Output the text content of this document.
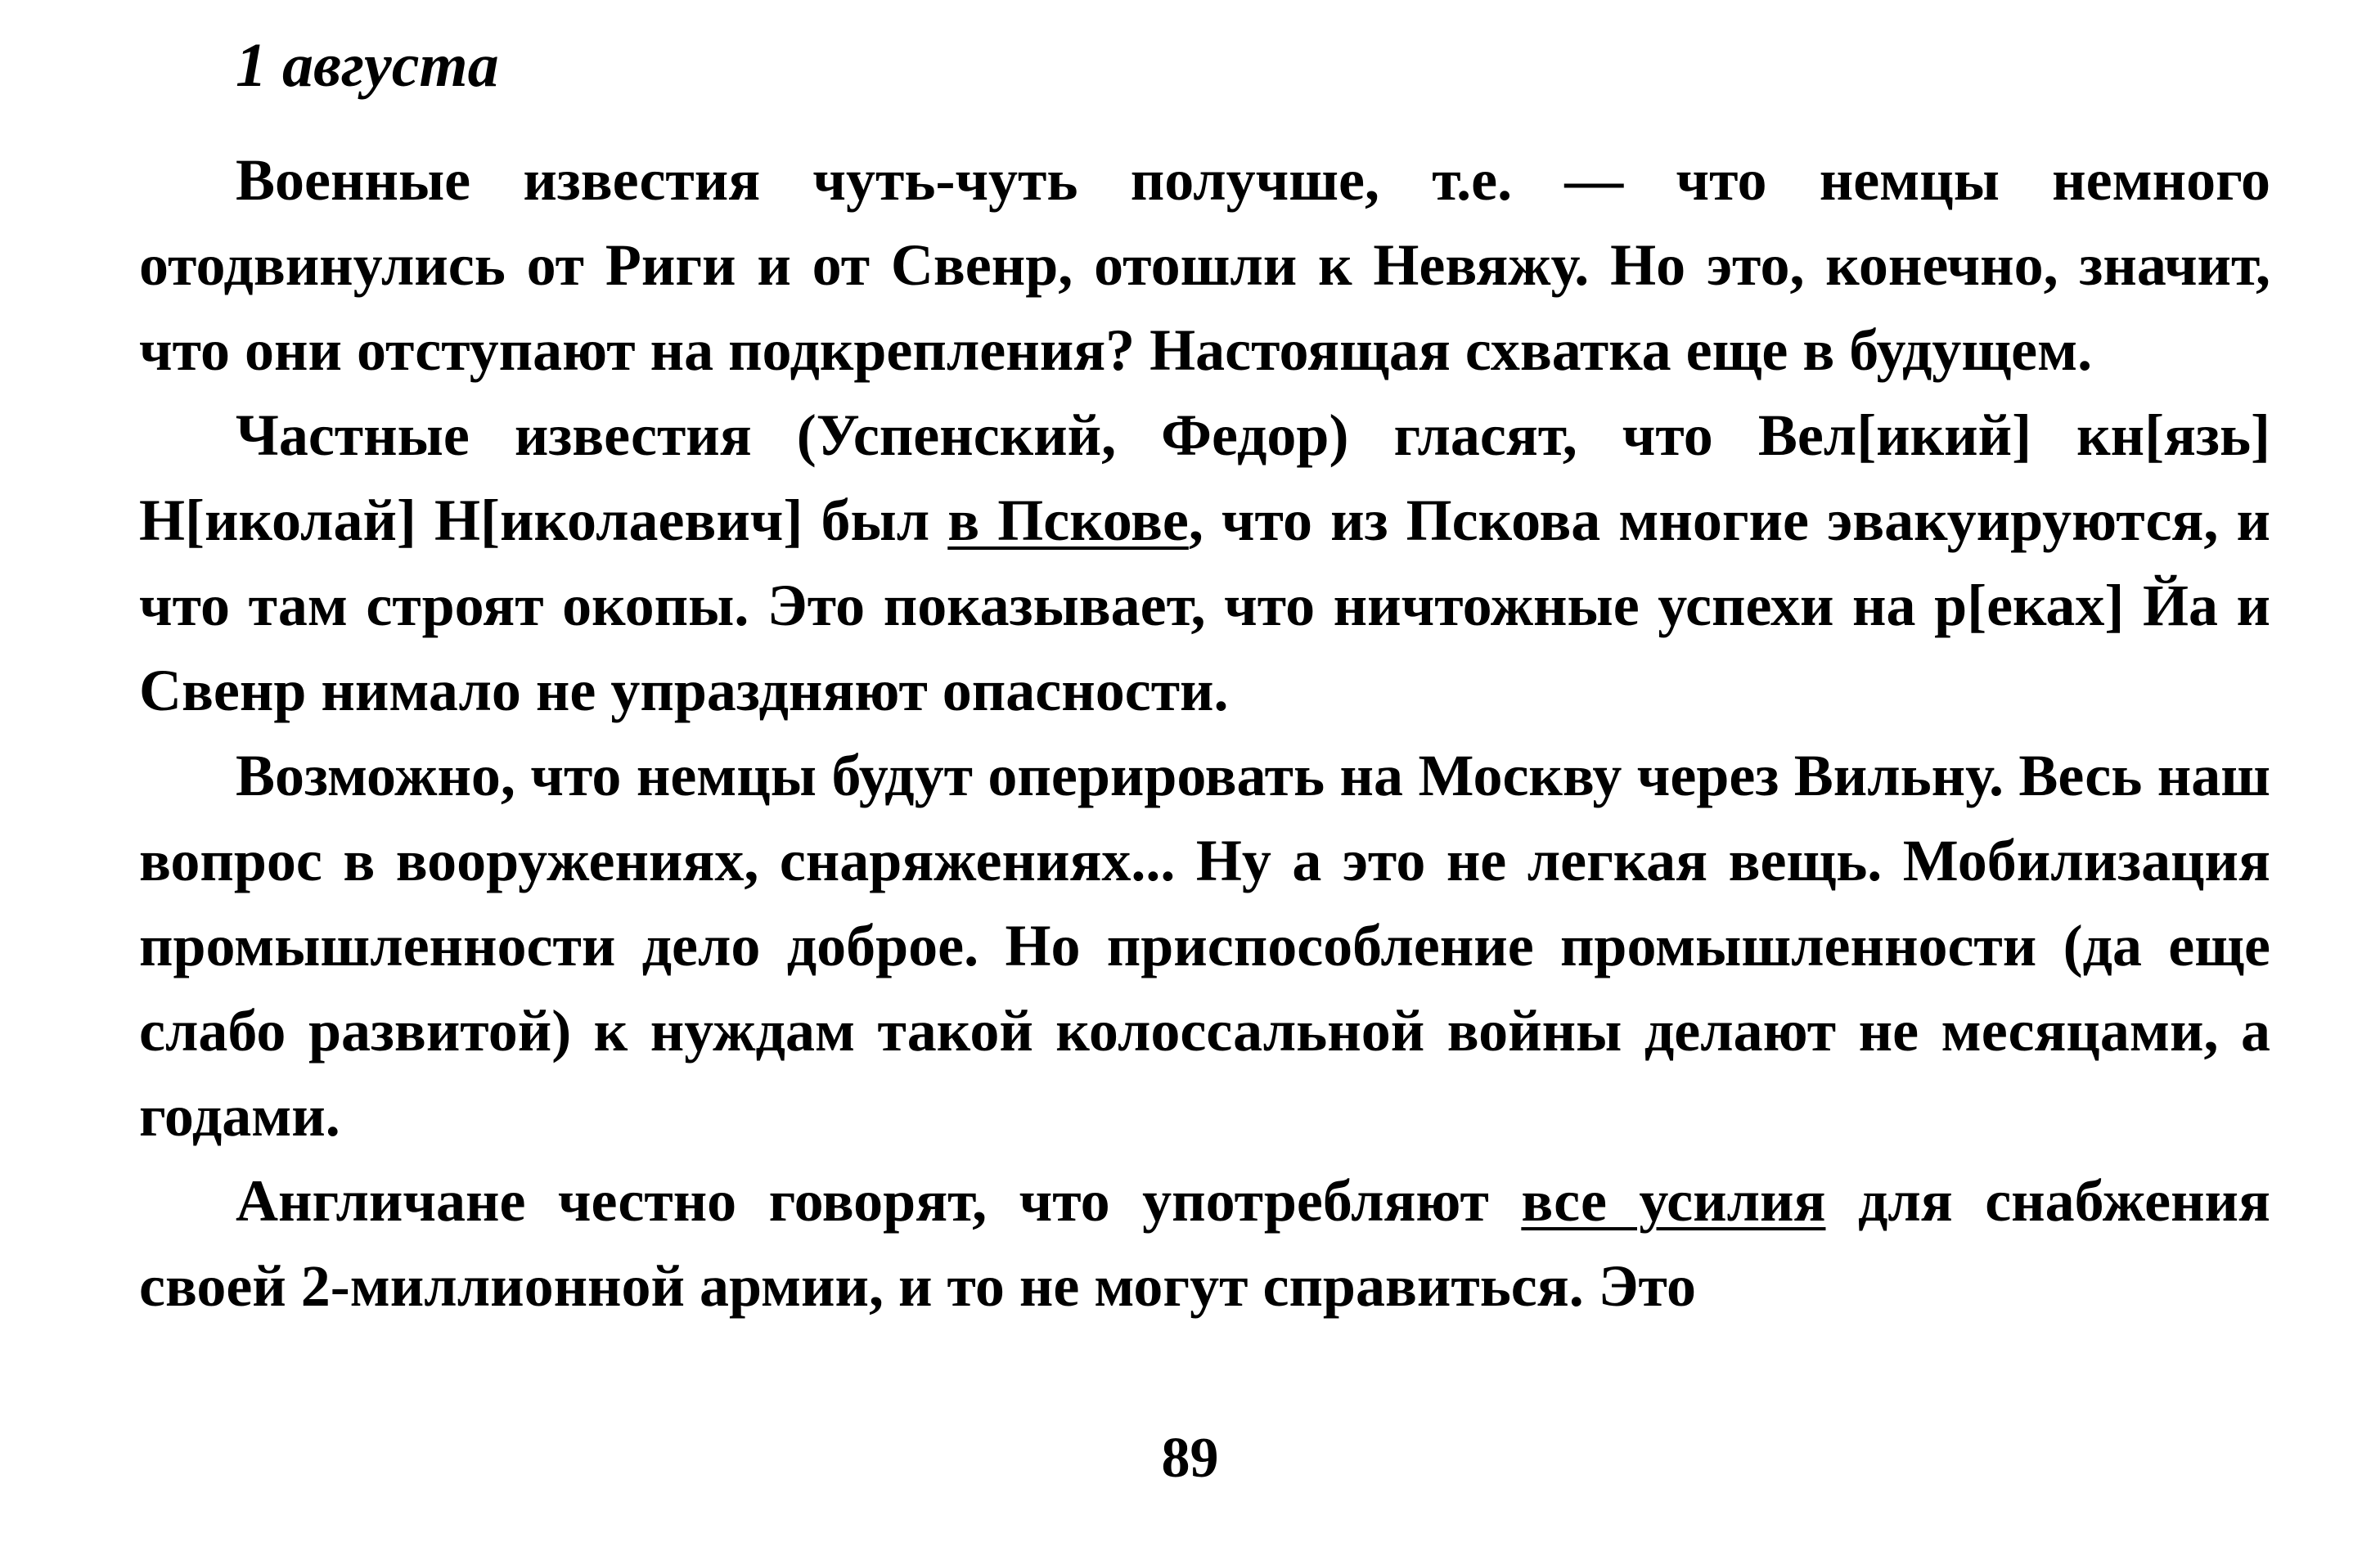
1 августа

Военные известия чуть-чуть получше, т.е. — что немцы немного отодвинулись от Риги и от Свенр, отошли к Невяжу. Но это, конечно, значит, что они отступают на подкрепления? Настоящая схватка еще в будущем.

Частные известия (Успенский, Федор) гласят, что Вел[икий] кн[язь] Н[иколай] Н[иколаевич] был в Пскове, что из Пскова многие эвакуируются, и что там строят окопы. Это показывает, что ничтожные успехи на р[еках] Йа и Свенр нимало не упраздняют опасности.

Возможно, что немцы будут оперировать на Москву через Вильну. Весь наш вопрос в вооружениях, снаряжениях... Ну а это не легкая вещь. Мобилизация промышленности дело доброе. Но приспособление промышленности (да еще слабо развитой) к нуждам такой колоссальной войны делают не месяцами, а годами.

Англичане честно говорят, что употребляют все усилия для снабжения своей 2-миллионной армии, и то не могут справиться. Это

89
